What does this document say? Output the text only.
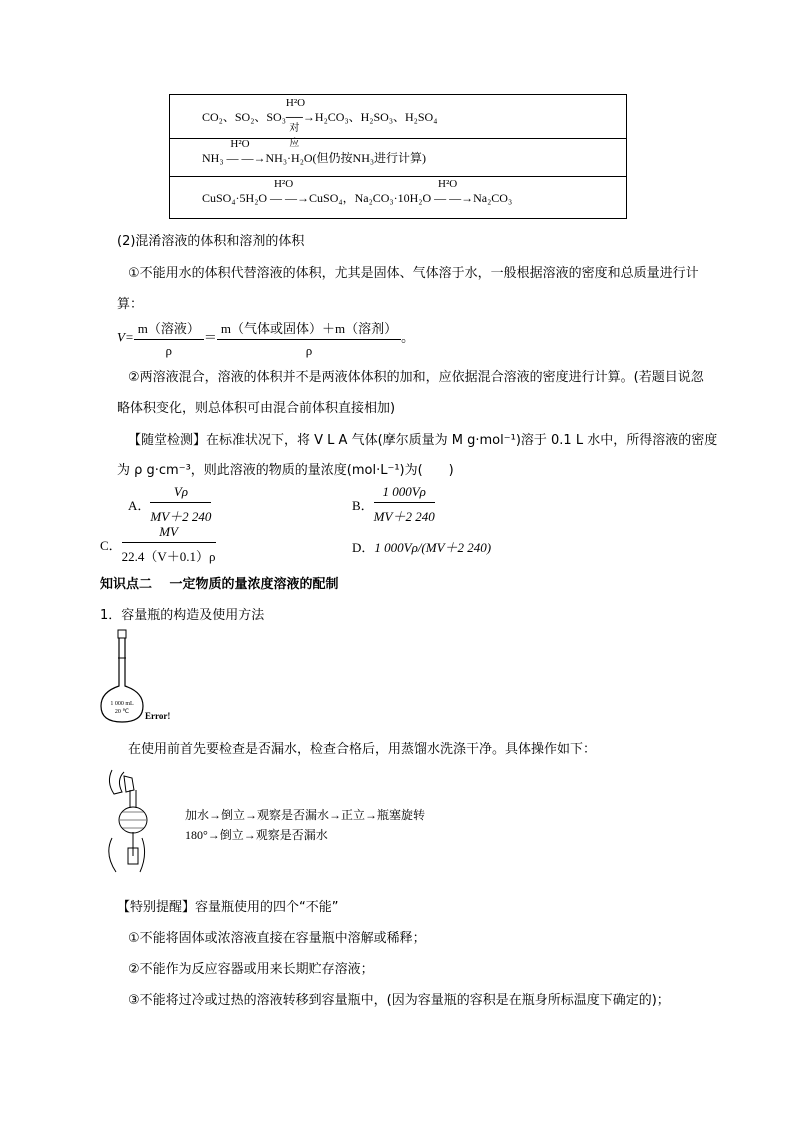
CO₂、SO₂、SO₃
H²O
──
对应
→H₂CO₃、H₂SO₃、H₂SO₄
NH₃
H²O
— —→NH₃·H₂O(但仍按NH₃进行计算)
CuSO₄·5H₂O
H²O
— —→CuSO₄，Na₂CO₃·10H₂O
H²O
— —→Na₂CO₃
(2)混淆溶液的体积和溶剂的体积
①不能用水的体积代替溶液的体积，尤其是固体、气体溶于水，一般根据溶液的密度和总质量进行计
算：
$V= \frac{\text{m（溶液）}}{\rho} = \frac{\text{m（气体或固体）＋m（溶剂）}}{\rho}$ 。
②两溶液混合，溶液的体积并不是两液体体积的加和，应依据混合溶液的密度进行计算。(若题目说忽
略体积变化，则总体积可由混合前体积直接相加)
【随堂检测】在标准状况下，将 V L A 气体(摩尔质量为 M g·mol⁻¹)溶于 0.1 L 水中，所得溶液的密度
为 ρ g·cm⁻³，则此溶液的物质的量浓度(mol·L⁻¹)为(　　)
A． $\frac{V\rho}{MV+2 240}$	B． $\frac{1 000V\rho}{MV+2 240}$
C． $\frac{MV}{22.4(V+0.1)\rho}$	D．1 000Vρ/(MV＋2 240)
知识点二　 一定物质的量浓度溶液的配制
1．容量瓶的构造及使用方法
1 000 mL
20 ℃ Error!
在使用前首先要检查是否漏水，检查合格后，用蒸馏水洗涤干净。具体操作如下：
加水→倒立→观察是否漏水→正立→瓶塞旋转
180°→倒立→观察是否漏水
【特别提醒】容量瓶使用的四个“不能”
①不能将固体或浓溶液直接在容量瓶中溶解或稀释；
②不能作为反应容器或用来长期贮存溶液；
③不能将过冷或过热的溶液转移到容量瓶中，(因为容量瓶的容积是在瓶身所标温度下确定的)；
